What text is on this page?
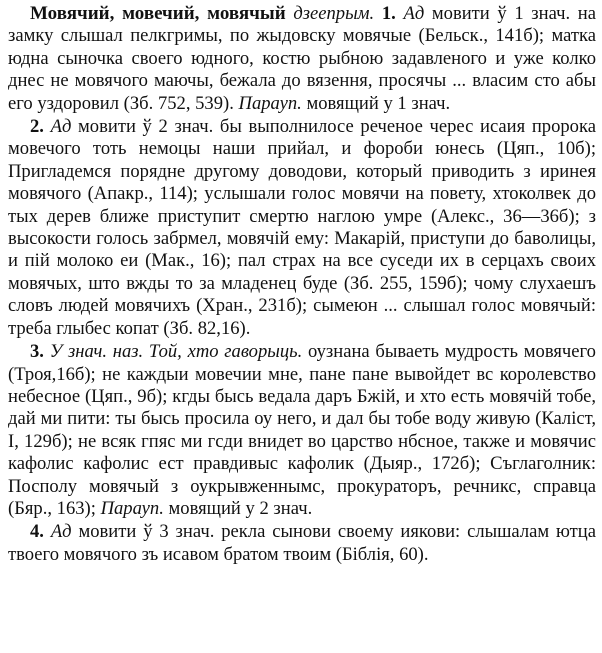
Мовячий, мовечий, мовячый дзеепрым. 1. Ад мовити ў 1 знач. на замку слышал пелкгримы, по жыдовску мовячые (Бельск., 141б); матка юдна сыночка своего юдного, костю рыбною задавленого и уже колко днес не мовячого маючы, бежала до вязення, просячы ... власим сто абы его уздоровил (Зб. 752, 539). Парауп. мовящий у 1 знач.

2. Ад мовити ў 2 знач. бы выполнилосе реченое черес исаия пророка мовечого тоть немоцы наши прийал, и фороби юнесь (Цяп., 10б); Пригладемся порядне другому доводови, который приводить з иринея мовячого (Апакр., 114); услышали голос мовячи на повету, хтоколвек до тых дерев ближе приступит смертю наглою умре (Алекс., 36—36б); з высокости голось забрмел, мовячій ему: Макарій, приступи до баволицы, и пій молоко еи (Мак., 16); пал страх на все суседи их в серцахъ своих мовячых, што вжды то за младенец буде (Зб. 255, 159б); чому слухаешъ словъ людей мовячихъ (Хран., 231б); сымеюн ... слышал голос мовячый: треба глыбес копат (Зб. 82,16).

3. У знач. наз. Той, хто гаворыць. оузнана бываеть мудрость мовячего (Троя,16б); не каждыи мовечии мне, пане пане вывойдет вс королевство небесное (Цяп., 9б); кгды бысь ведала даръ Бжій, и хто есть мовячій тобе, дай ми пити: ты бысь просила оу него, и дал бы тобе воду живую (Каліст, І, 129б); не всяк гпяс ми гсди внидет во царство нбсное, также и мовячис кафолис кафолис ест правдивыс кафолик (Дыяр., 172б); Съглаголник: Посполу мовячый з оукрывженнымс, прокураторъ, речникс, справца (Бяр., 163); Парауп. мовящий у 2 знач.

4. Ад мовити ў 3 знач. рекла сынови своему иякови: слышалам ютца твоего мовячого зъ исавом братом твоим (Біблія, 60).
